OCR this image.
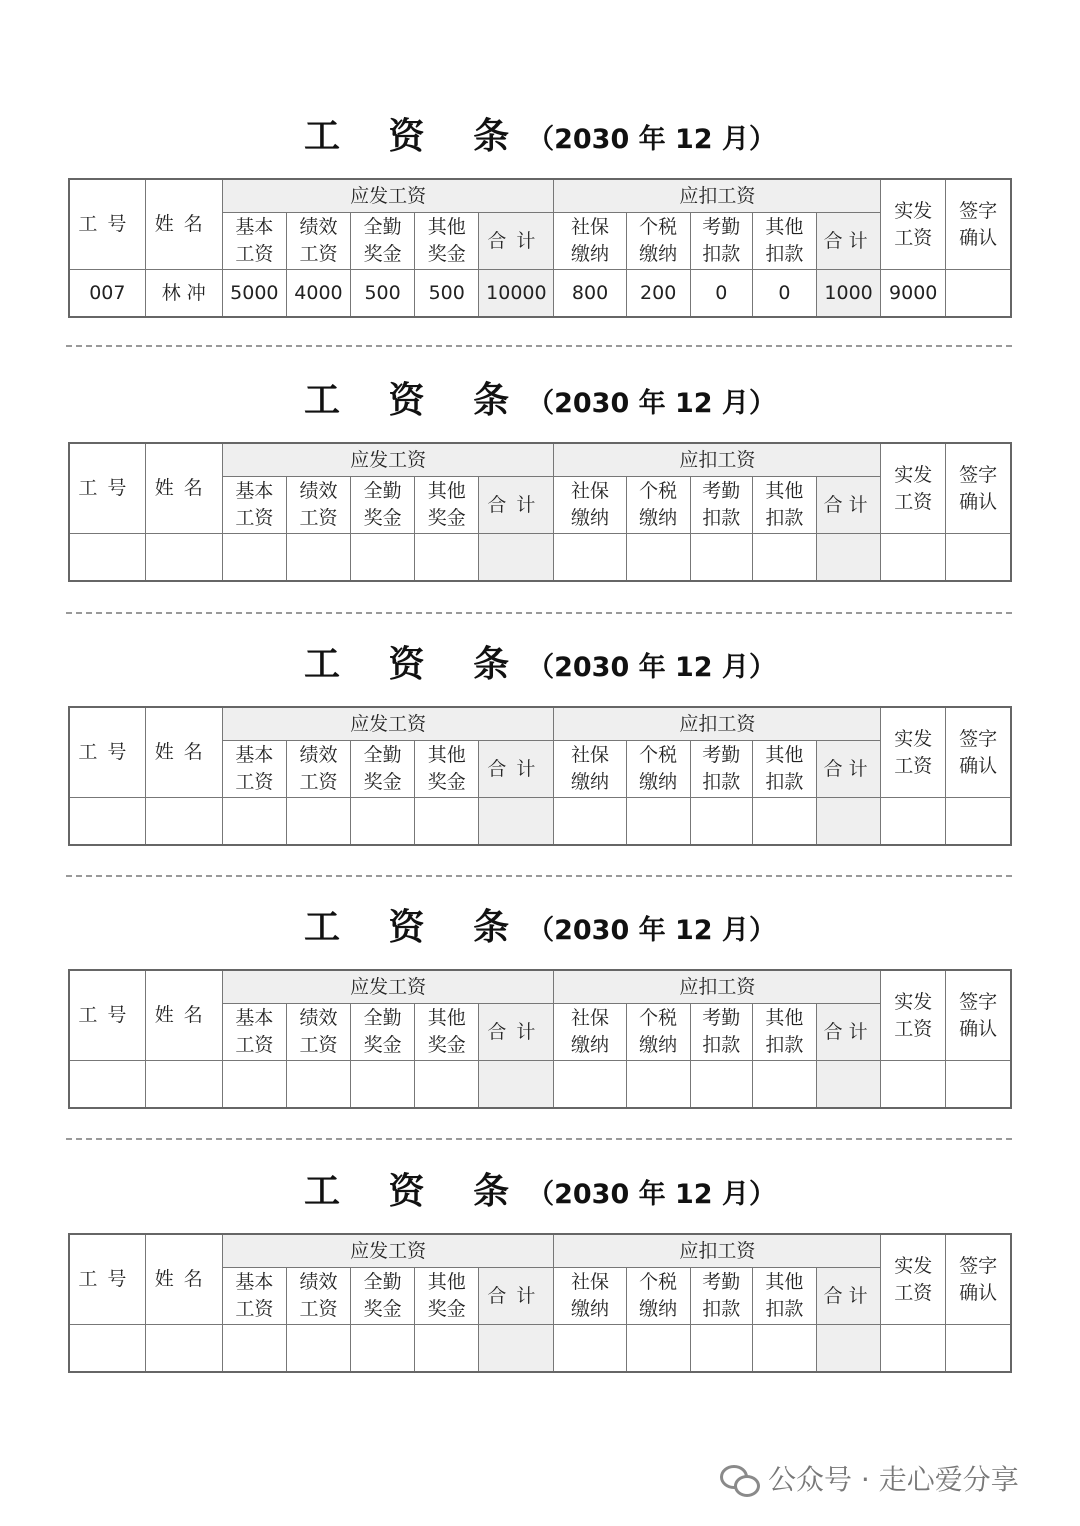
工 资 条（2030 年 12 月）
工号	姓名	应发工资					应扣工资					实发工资	签字确认
		基本工资	绩效工资	全勤奖金	其他奖金	合计	社保缴纳	个税缴纳	考勤扣款	其他扣款	合计		
007	林 冲	5000	4000	500	500	10000	800	200	0	0	1000	9000	
工 资 条（2030 年 12 月）
工号	姓名	应发工资					应扣工资					实发工资	签字确认
		基本工资	绩效工资	全勤奖金	其他奖金	合计	社保缴纳	个税缴纳	考勤扣款	其他扣款	合计		

工 资 条（2030 年 12 月）
工号	姓名	应发工资					应扣工资					实发工资	签字确认
		基本工资	绩效工资	全勤奖金	其他奖金	合计	社保缴纳	个税缴纳	考勤扣款	其他扣款	合计		

工 资 条（2030 年 12 月）
工号	姓名	应发工资					应扣工资					实发工资	签字确认
		基本工资	绩效工资	全勤奖金	其他奖金	合计	社保缴纳	个税缴纳	考勤扣款	其他扣款	合计		

工 资 条（2030 年 12 月）
工号	姓名	应发工资					应扣工资					实发工资	签字确认
		基本工资	绩效工资	全勤奖金	其他奖金	合计	社保缴纳	个税缴纳	考勤扣款	其他扣款	合计		

公众号 · 走心爱分享
